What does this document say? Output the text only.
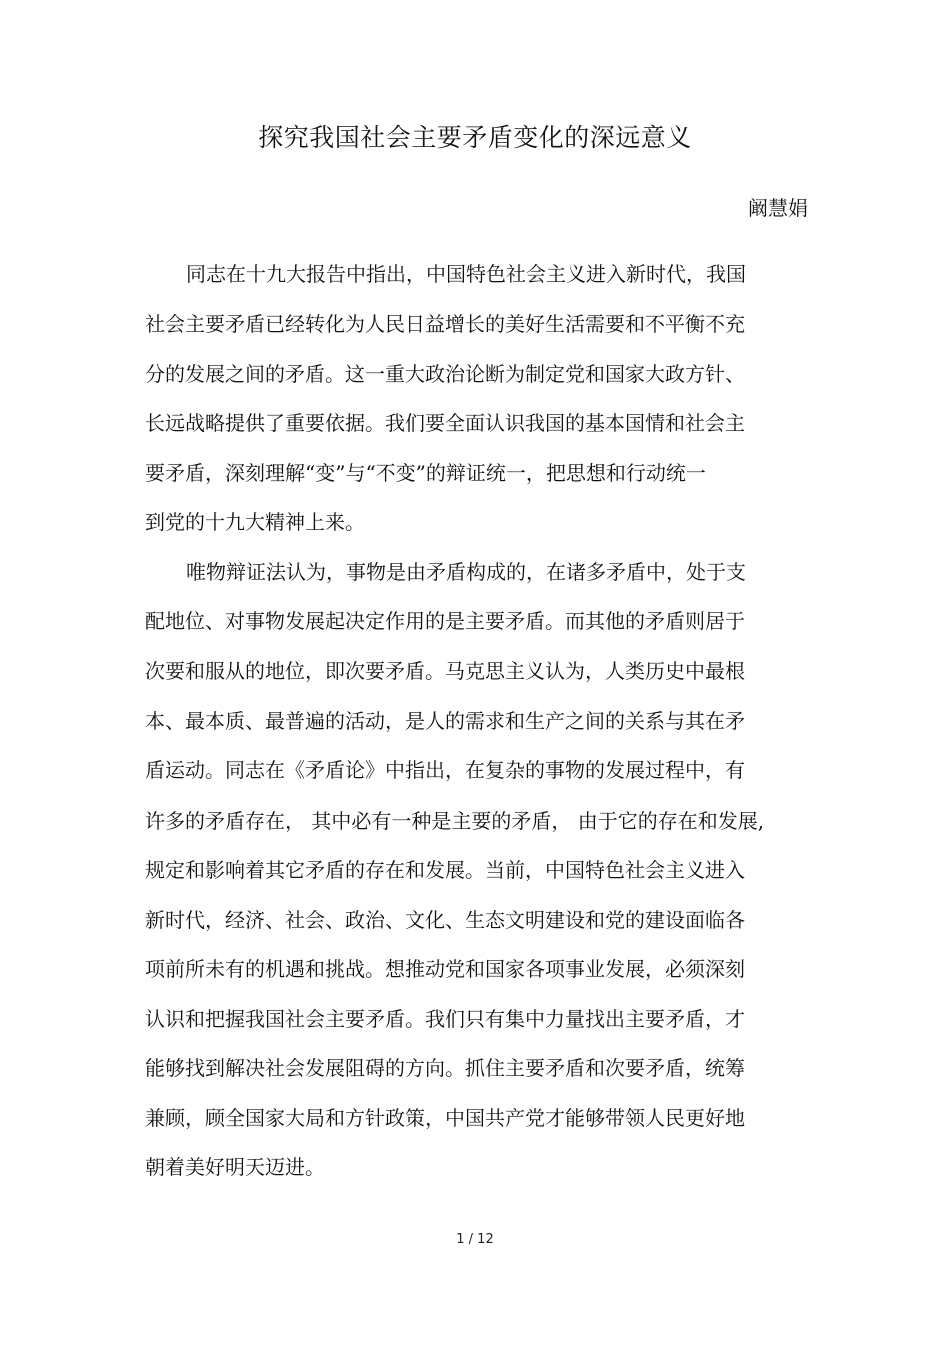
探究我国社会主要矛盾变化的深远意义
阚慧娟
同志在十九大报告中指出，中国特色社会主义进入新时代，我国
社会主要矛盾已经转化为人民日益增长的美好生活需要和不平衡不充
分的发展之间的矛盾。这一重大政治论断为制定党和国家大政方针、
长远战略提供了重要依据。我们要全面认识我国的基本国情和社会主
要矛盾，深刻理解“变”与“不变”的辩证统一，把思想和行动统一
到党的十九大精神上来。
唯物辩证法认为，事物是由矛盾构成的，在诸多矛盾中，处于支
配地位、对事物发展起决定作用的是主要矛盾。而其他的矛盾则居于
次要和服从的地位，即次要矛盾。马克思主义认为，人类历史中最根
本、最本质、最普遍的活动，是人的需求和生产之间的关系与其在矛
盾运动。同志在《矛盾论》中指出，在复杂的事物的发展过程中，有
许多的矛盾存在， 其中必有一种是主要的矛盾， 由于它的存在和发展,
规定和影响着其它矛盾的存在和发展。当前，中国特色社会主义进入
新时代，经济、社会、政治、文化、生态文明建设和党的建设面临各
项前所未有的机遇和挑战。想推动党和国家各项事业发展，必须深刻
认识和把握我国社会主要矛盾。我们只有集中力量找出主要矛盾，才
能够找到解决社会发展阻碍的方向。抓住主要矛盾和次要矛盾，统筹
兼顾，顾全国家大局和方针政策，中国共产党才能够带领人民更好地
朝着美好明天迈进。
1 / 12
